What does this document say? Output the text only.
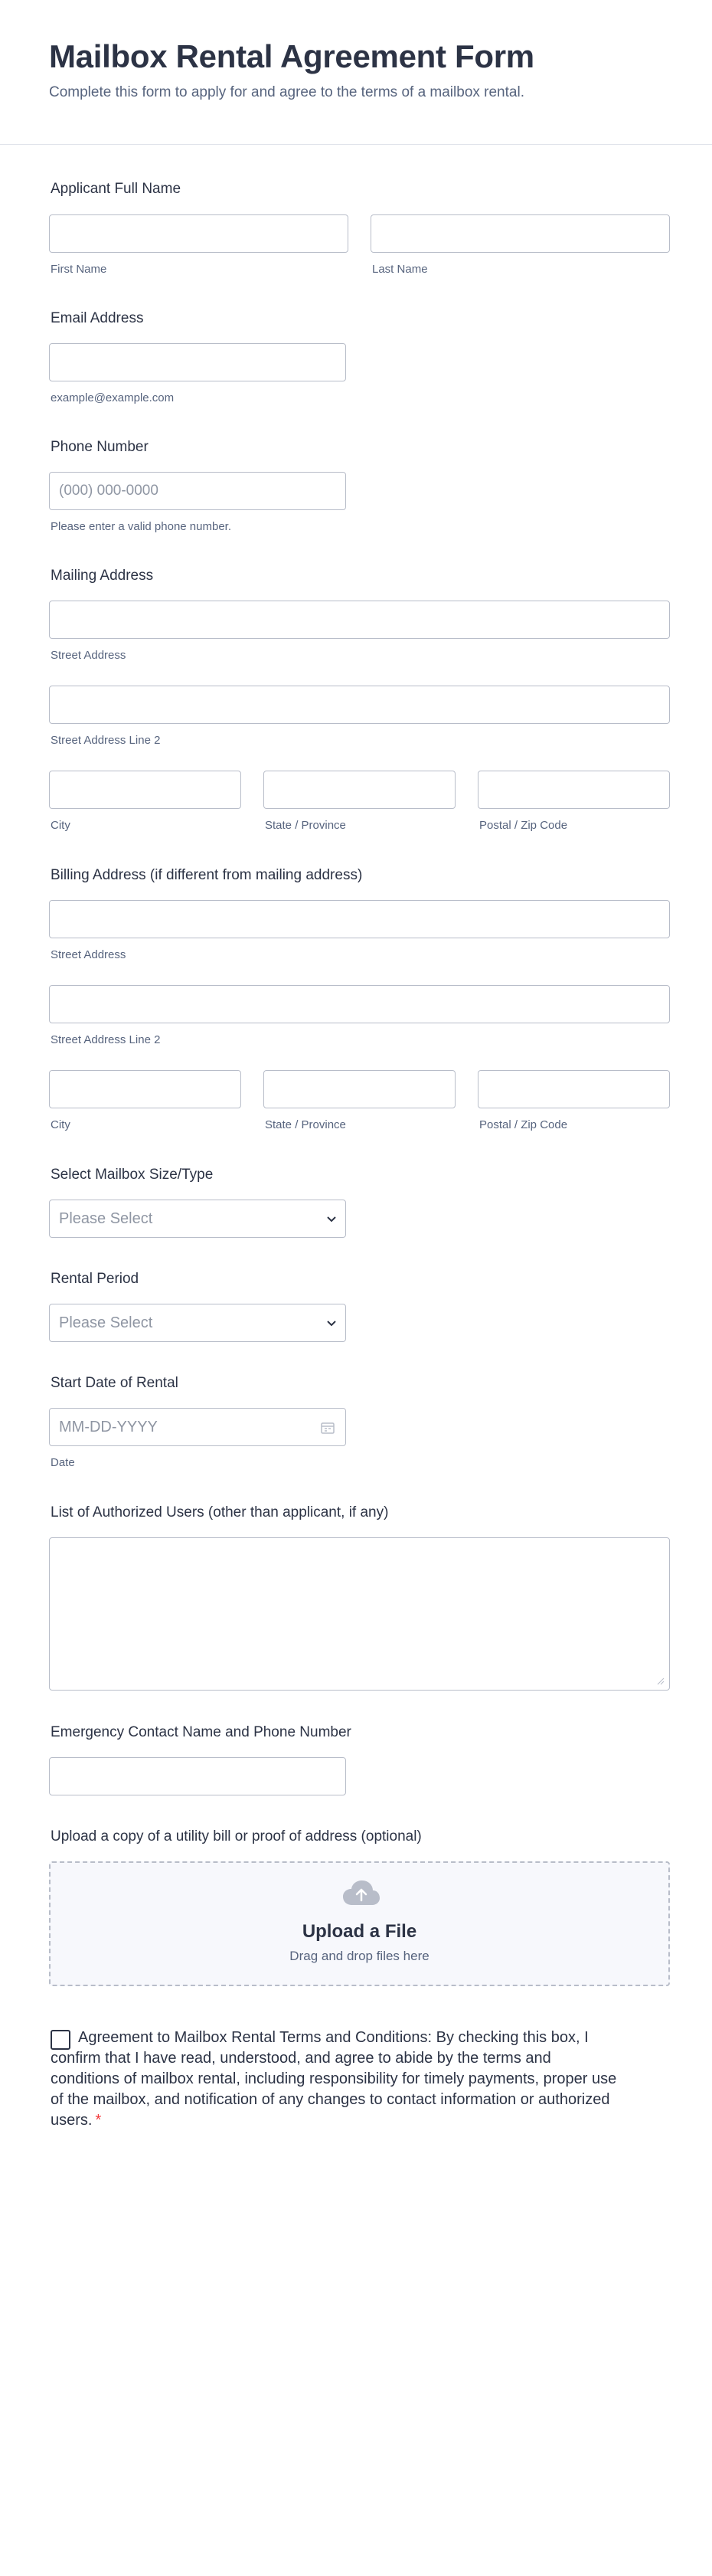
Mailbox Rental Agreement Form
Complete this form to apply for and agree to the terms of a mailbox rental.
Applicant Full Name
First Name	Last Name
Email Address
example@example.com
Phone Number
(000) 000-0000
Please enter a valid phone number.
Mailing Address
Street Address
Street Address Line 2
City	State / Province	Postal / Zip Code
Billing Address (if different from mailing address)
Street Address
Street Address Line 2
City	State / Province	Postal / Zip Code
Select Mailbox Size/Type
Please Select
Rental Period
Please Select
Start Date of Rental
MM-DD-YYYY
Date
List of Authorized Users (other than applicant, if any)
Emergency Contact Name and Phone Number
Upload a copy of a utility bill or proof of address (optional)
Upload a File
Drag and drop files here
Agreement to Mailbox Rental Terms and Conditions: By checking this box, I confirm that I have read, understood, and agree to abide by the terms and conditions of mailbox rental, including responsibility for timely payments, proper use of the mailbox, and notification of any changes to contact information or authorized users. *
